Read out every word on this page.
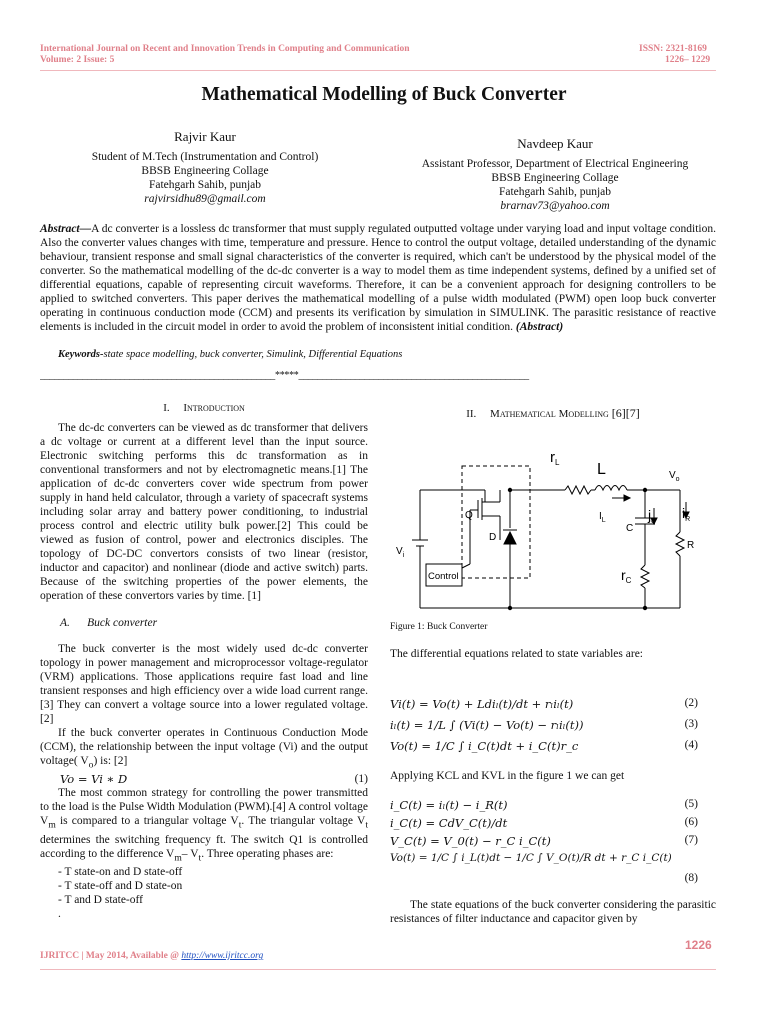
International Journal on Recent and Innovation Trends in Computing and Communication
Volume: 2 Issue: 5
ISSN: 2321-8169
1226– 1229
Mathematical Modelling of Buck Converter
Rajvir Kaur
Student of M.Tech (Instrumentation and Control)
BBSB Engineering Collage
Fatehgarh Sahib, punjab
rajvirsidhu89@gmail.com
Navdeep Kaur
Assistant Professor, Department of Electrical Engineering
BBSB Engineering Collage
Fatehgarh Sahib, punjab
brarnav73@yahoo.com
Abstract—A dc converter is a lossless dc transformer that must supply regulated outputted voltage under varying load and input voltage condition. Also the converter values changes with time, temperature and pressure. Hence to control the output voltage, detailed understanding of the dynamic behaviour, transient response and small signal characteristics of the converter is required, which can't be understood by the physical model of the converter. So the mathematical modelling of the dc-dc converter is a way to model them as time independent systems, defined by a unified set of differential equations, capable of representing circuit waveforms. Therefore, it can be a convenient approach for designing controllers to be applied to switched converters. This paper derives the mathematical modelling of a pulse width modulated (PWM) open loop buck converter operating in continuous conduction mode (CCM) and presents its verification by simulation in SIMULINK. The parasitic resistance of reactive elements is included in the circuit model in order to avoid the problem of inconsistent initial condition. (Abstract)
Keywords-state space modelling, buck converter, Simulink, Differential Equations
__________________________________________________*****_________________________________________________
I. Introduction

The dc-dc converters can be viewed as dc transformer that delivers a dc voltage or current at a different level than the input source. Electronic switching performs this dc transformation as in conventional transformers and not by electromagnetic means.[1] The application of dc-dc converters cover wide spectrum from power supply in hand held calculator, through a variety of spacecraft systems including solar array and battery power conditioning, to industrial process control and electric utility bulk power.[2] This could be viewed as fusion of control, power and electronics disciples. The topology of DC-DC convertors consists of two linear (resistor, inductor and capacitor) and nonlinear (diode and active switch) parts. Because of the switching properties of the power elements, the operation of these convertors varies by time. [1]

A. Buck converter

The buck converter is the most widely used dc-dc converter topology in power management and microprocessor voltage-regulator (VRM) applications. Those applications require fast load and line transient responses and high efficiency over a wide load current range.[3] They can convert a voltage source into a lower regulated voltage. [2]

If the buck converter operates in Continuous Conduction Mode (CCM), the relationship between the input voltage (Vi) and the output voltage( $V_o$) is: [2]

Vo = Vi ∗ D	(1)

The most common strategy for controlling the power transmitted to the load is the Pulse Width Modulation (PWM).[4] A control voltage $V_m$ is compared to a triangular voltage $V_t$. The triangular voltage $V_t$ determines the switching frequency ft. The switch Q1 is controlled according to the difference $V_m-$ $V_t$. Three operating phases are:

- T state-on and D state-off
- T state-off and D state-on
- T and D state-off
.
II. Mathematical Modelling [6][7]
$r_L$ L	$V_o$
Q
D
$I_L$
C
$j_c$
$i_R$
R
$r_C$
$V_i$
Control
Figure 1: Buck Converter
The differential equations related to state variables are:
Vi(t) = Vo(t) + Ldiₗ(t)/dt + rₗiₗ(t)	(2)
iₗ(t) = 1/L ∫ (Vi(t) − Vo(t) − rₗiₗ(t))	(3)
Vo(t) = 1/C ∫ i_C(t)dt + i_C(t)r_c	(4)
Applying KCL and KVL in the figure 1 we can get
i_C(t) = iₗ(t) − i_R(t)	(5)
i_C(t) = CdV_C(t)/dt	(6)
V_C(t) = V_0(t) − r_C i_C(t)	(7)
Vo(t) = 1/C ∫ i_L(t)dt − 1/C ∫ V_O(t)/R dt + r_C i_C(t)
(8)
The state equations of the buck converter considering the parasitic resistances of filter inductance and capacitor given by
1226
IJRITCC | May 2014, Available @ http://www.ijritcc.org
